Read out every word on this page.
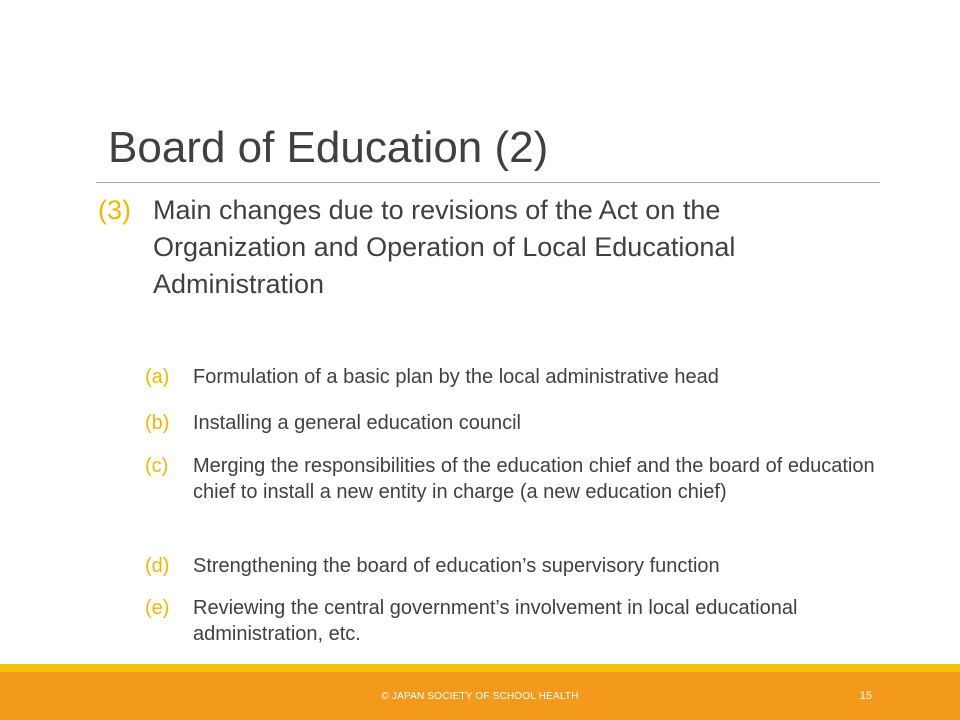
Board of Education (2)
(3) Main changes due to revisions of the Act on the Organization and Operation of Local Educational Administration
(a) Formulation of a basic plan by the local administrative head
(b) Installing a general education council
(c) Merging the responsibilities of the education chief and the board of education chief to install a new entity in charge (a new education chief)
(d) Strengthening the board of education’s supervisory function
(e) Reviewing the central government’s involvement in local educational administration, etc.
© JAPAN SOCIETY OF SCHOOL HEALTH	15
